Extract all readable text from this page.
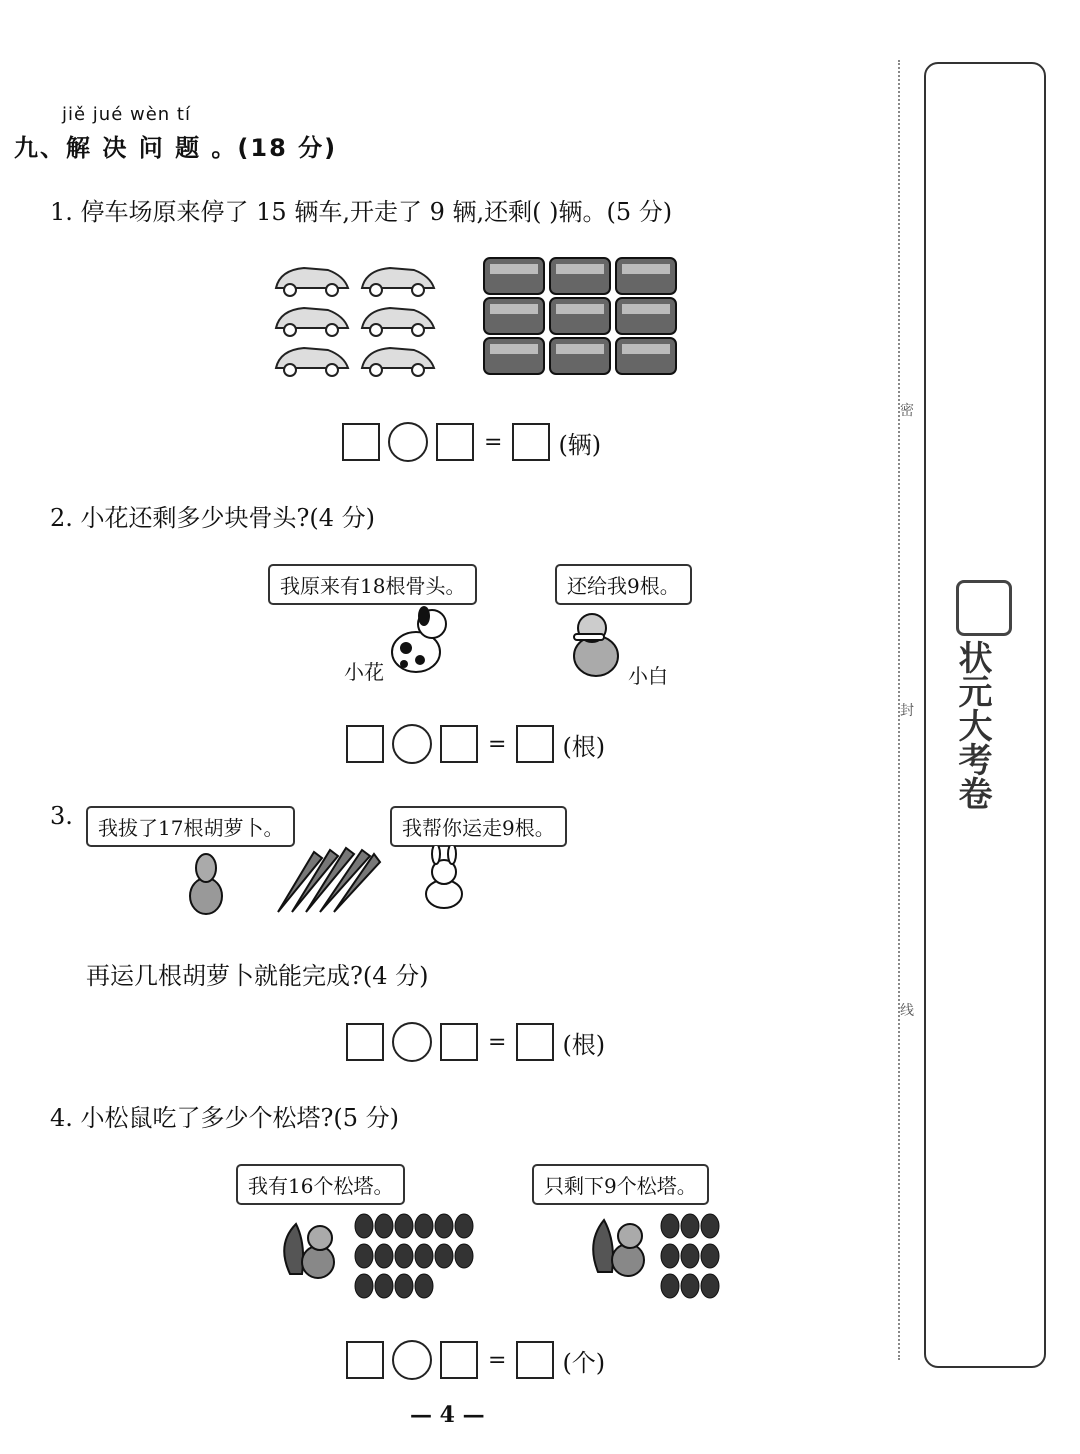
jiě jué wèn tí
九、解 决 问 题 。(18 分)
1. 停车场原来停了 15 辆车,开走了 9 辆,还剩( )辆。(5 分)
= (辆)
2. 小花还剩多少块骨头?(4 分)
我原来有18根骨头。	还给我9根。
小花	小白
= (根)
3.	我拔了17根胡萝卜。	我帮你运走9根。
再运几根胡萝卜就能完成?(4 分)
= (根)
4. 小松鼠吃了多少个松塔?(5 分)
我有16个松塔。	只剩下9个松塔。
= (个)
— 4 —
密
封
线
状元大考卷
